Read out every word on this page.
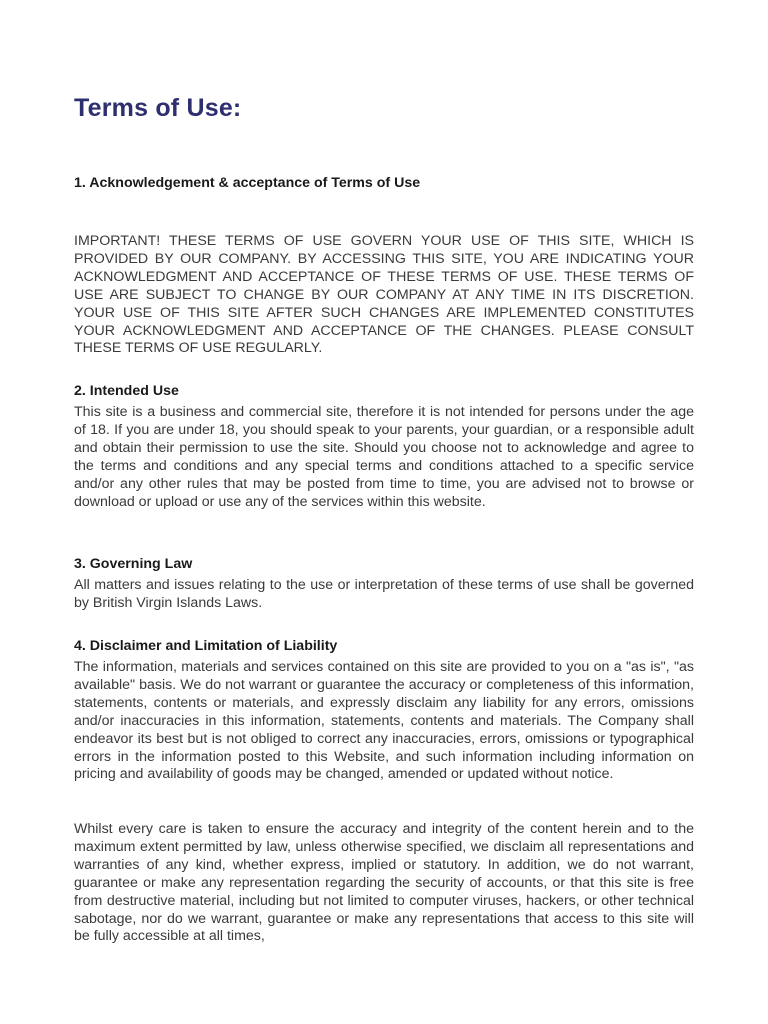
Terms of Use:
1. Acknowledgement & acceptance of Terms of Use

IMPORTANT! THESE TERMS OF USE GOVERN YOUR USE OF THIS SITE, WHICH IS PROVIDED BY OUR COMPANY. BY ACCESSING THIS SITE, YOU ARE INDICATING YOUR ACKNOWLEDGMENT AND ACCEPTANCE OF THESE TERMS OF USE. THESE TERMS OF USE ARE SUBJECT TO CHANGE BY OUR COMPANY AT ANY TIME IN ITS DISCRETION. YOUR USE OF THIS SITE AFTER SUCH CHANGES ARE IMPLEMENTED CONSTITUTES YOUR ACKNOWLEDGMENT AND ACCEPTANCE OF THE CHANGES. PLEASE CONSULT THESE TERMS OF USE REGULARLY.

2. Intended Use

This site is a business and commercial site, therefore it is not intended for persons under the age of 18. If you are under 18, you should speak to your parents, your guardian, or a responsible adult and obtain their permission to use the site. Should you choose not to acknowledge and agree to the terms and conditions and any special terms and conditions attached to a specific service and/or any other rules that may be posted from time to time, you are advised not to browse or download or upload or use any of the services within this website.

3. Governing Law

All matters and issues relating to the use or interpretation of these terms of use shall be governed by British Virgin Islands Laws.

4. Disclaimer and Limitation of Liability

The information, materials and services contained on this site are provided to you on a "as is", "as available" basis. We do not warrant or guarantee the accuracy or completeness of this information, statements, contents or materials, and expressly disclaim any liability for any errors, omissions and/or inaccuracies in this information, statements, contents and materials. The Company shall endeavor its best but is not obliged to correct any inaccuracies, errors, omissions or typographical errors in the information posted to this Website, and such information including information on pricing and availability of goods may be changed, amended or updated without notice.

Whilst every care is taken to ensure the accuracy and integrity of the content herein and to the maximum extent permitted by law, unless otherwise specified, we disclaim all representations and warranties of any kind, whether express, implied or statutory. In addition, we do not warrant, guarantee or make any representation regarding the security of accounts, or that this site is free from destructive material, including but not limited to computer viruses, hackers, or other technical sabotage, nor do we warrant, guarantee or make any representations that access to this site will be fully accessible at all times,
